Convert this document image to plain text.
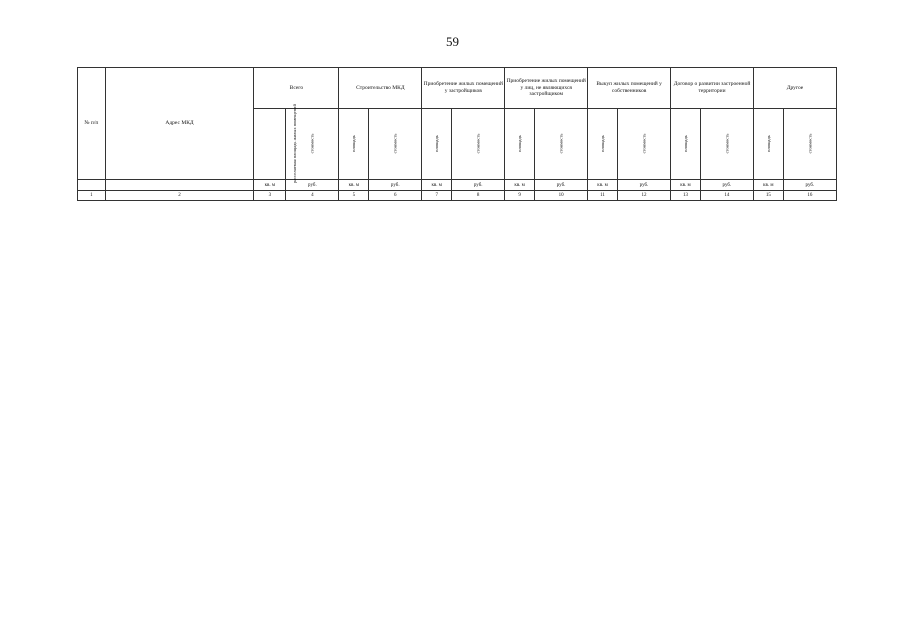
59
№ п/п	Адрес МКД	Всего		Строительство МКД		Приобретение жилых помещений у застройщиков		Приобретение жилых помещений у лиц, не являющихся застройщиком		Выкуп жилых помещений у собственников		Договор о развитии застроенной территории		Другое	
		расселяемая площадь жилых помещений	стоимость	площадь	стоимость	площадь	стоимость	площадь	стоимость	площадь	стоимость	площадь	стоимость	площадь	стоимость
		кв. м	руб.	кв. м	руб.	кв. м	руб.	кв. м	руб.	кв. м	руб.	кв. м	руб.	кв. м	руб.
1	2	3	4	5	6	7	8	9	10	11	12	13	14	15	16
